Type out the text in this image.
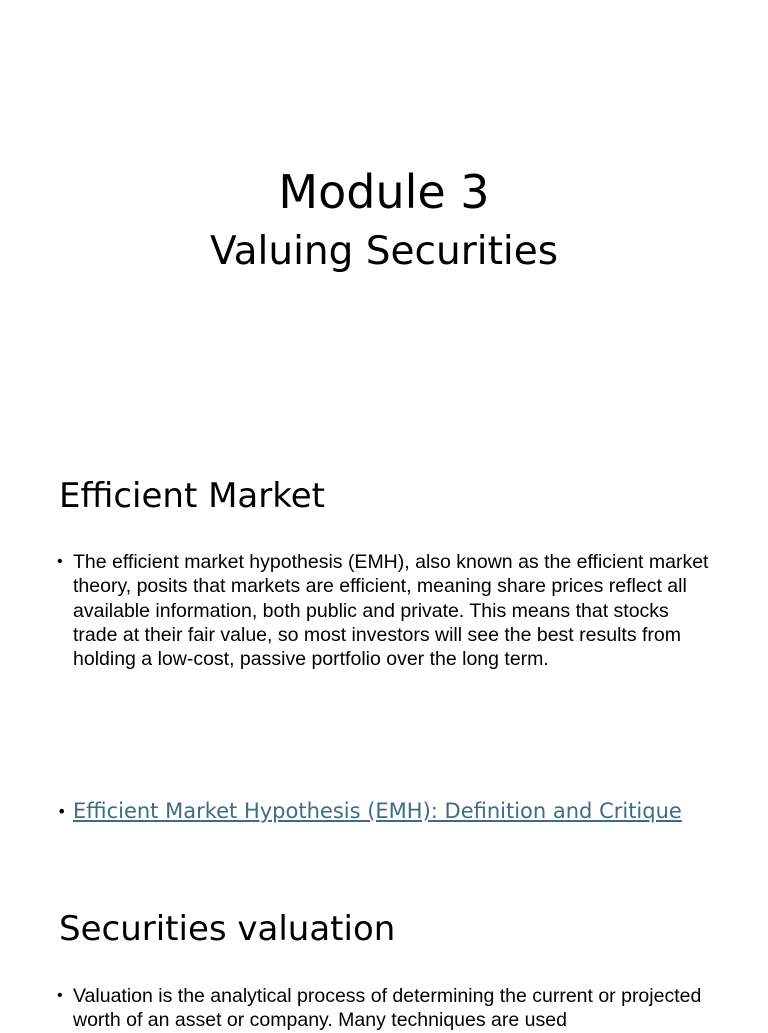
Module 3
Valuing Securities
Efficient Market
• The efficient market hypothesis (EMH), also known as the efficient market theory, posits that markets are efficient, meaning share prices reflect all available information, both public and private. This means that stocks trade at their fair value, so most investors will see the best results from holding a low-cost, passive portfolio over the long term.
• Efficient Market Hypothesis (EMH): Definition and Critique
Securities valuation
• Valuation is the analytical process of determining the current or projected worth of an asset or company. Many techniques are used
